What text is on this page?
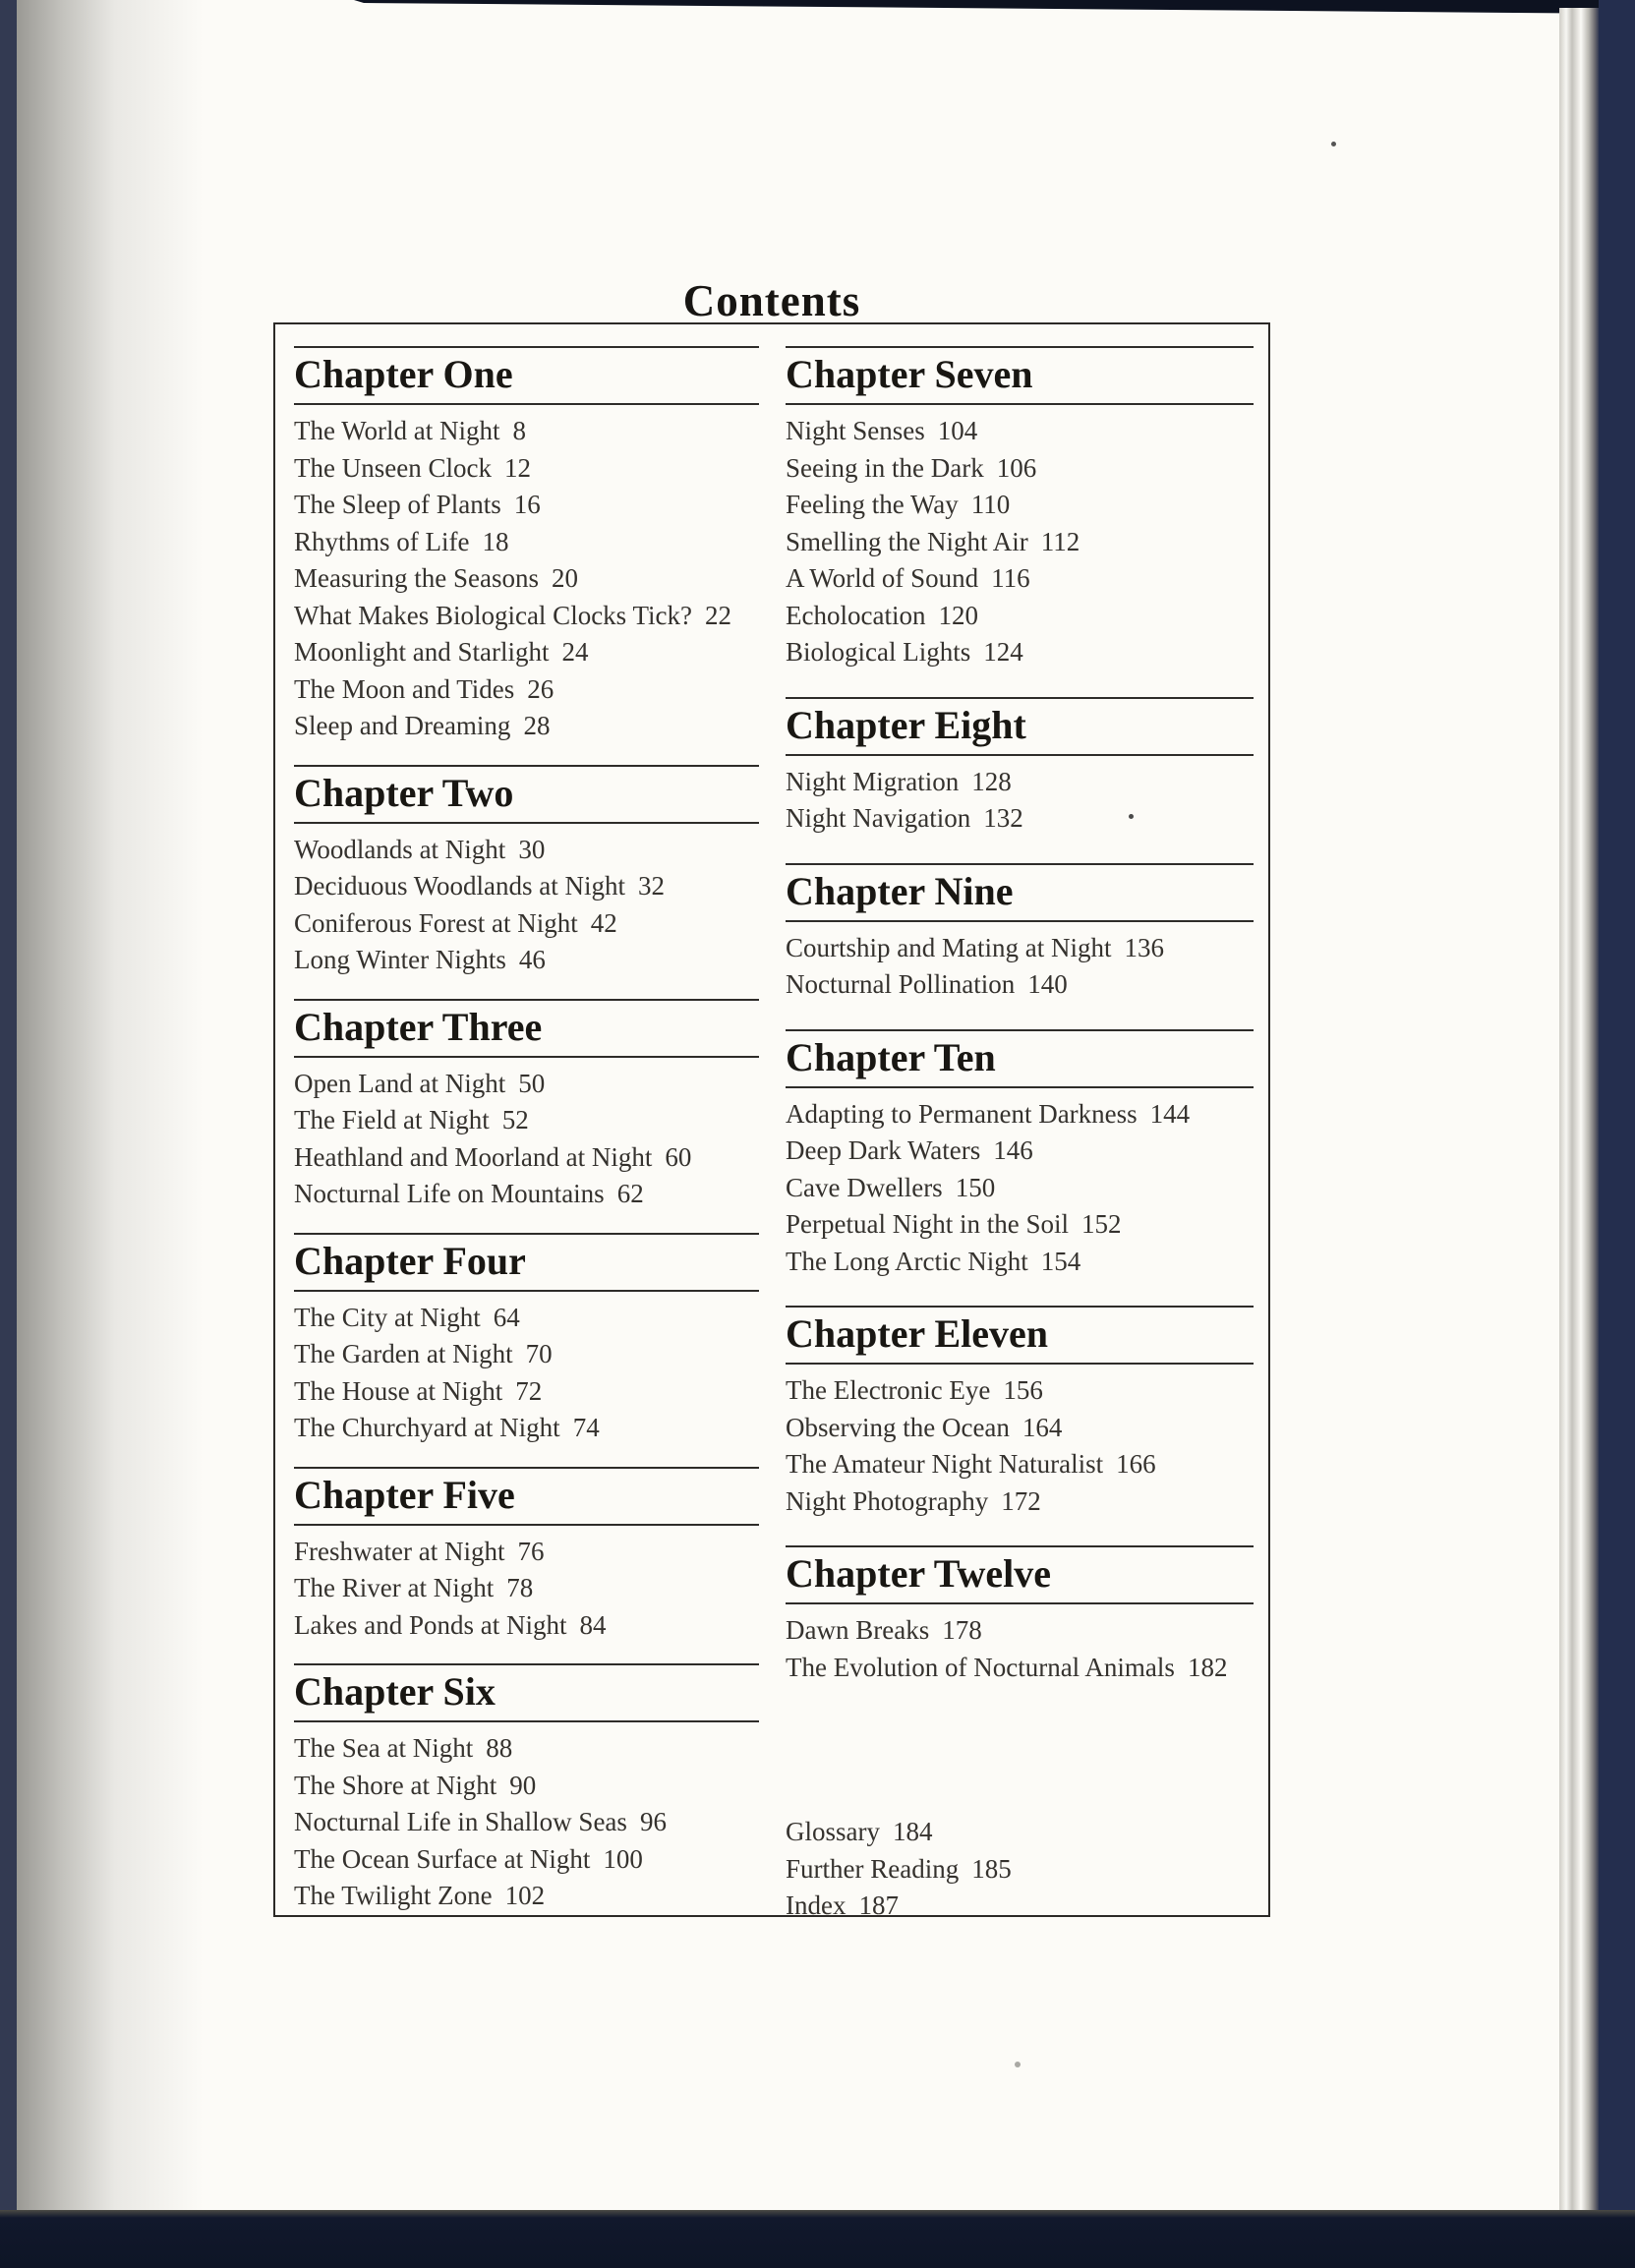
Contents
Chapter One
The World at Night 8
The Unseen Clock 12
The Sleep of Plants 16
Rhythms of Life 18
Measuring the Seasons 20
What Makes Biological Clocks Tick? 22
Moonlight and Starlight 24
The Moon and Tides 26
Sleep and Dreaming 28
Chapter Two
Woodlands at Night 30
Deciduous Woodlands at Night 32
Coniferous Forest at Night 42
Long Winter Nights 46
Chapter Three
Open Land at Night 50
The Field at Night 52
Heathland and Moorland at Night 60
Nocturnal Life on Mountains 62
Chapter Four
The City at Night 64
The Garden at Night 70
The House at Night 72
The Churchyard at Night 74
Chapter Five
Freshwater at Night 76
The River at Night 78
Lakes and Ponds at Night 84
Chapter Six
The Sea at Night 88
The Shore at Night 90
Nocturnal Life in Shallow Seas 96
The Ocean Surface at Night 100
The Twilight Zone 102
Chapter Seven
Night Senses 104
Seeing in the Dark 106
Feeling the Way 110
Smelling the Night Air 112
A World of Sound 116
Echolocation 120
Biological Lights 124
Chapter Eight
Night Migration 128
Night Navigation 132
Chapter Nine
Courtship and Mating at Night 136
Nocturnal Pollination 140
Chapter Ten
Adapting to Permanent Darkness 144
Deep Dark Waters 146
Cave Dwellers 150
Perpetual Night in the Soil 152
The Long Arctic Night 154
Chapter Eleven
The Electronic Eye 156
Observing the Ocean 164
The Amateur Night Naturalist 166
Night Photography 172
Chapter Twelve
Dawn Breaks 178
The Evolution of Nocturnal Animals 182
Glossary 184
Further Reading 185
Index 187
